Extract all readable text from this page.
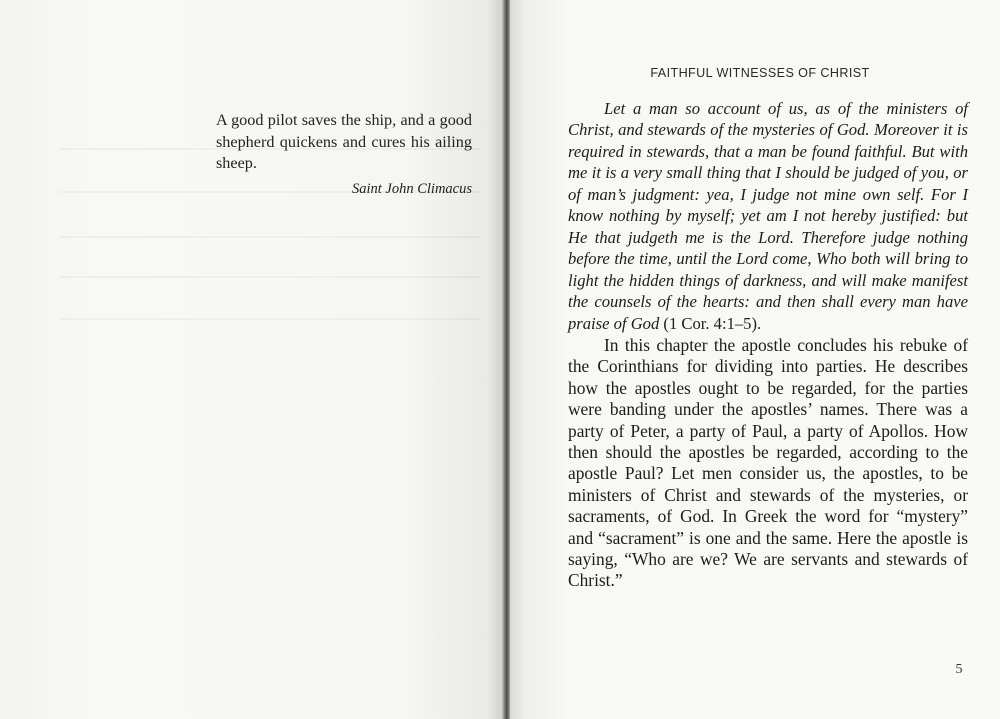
A good pilot saves the ship, and a good shepherd quickens and cures his ailing sheep.
Saint John Climacus
FAITHFUL WITNESSES OF CHRIST

Let a man so account of us, as of the ministers of Christ, and stewards of the mysteries of God. Moreover it is required in stewards, that a man be found faithful. But with me it is a very small thing that I should be judged of you, or of man’s judgment: yea, I judge not mine own self. For I know nothing by myself; yet am I not hereby justified: but He that judgeth me is the Lord. Therefore judge nothing before the time, until the Lord come, Who both will bring to light the hidden things of darkness, and will make manifest the counsels of the hearts: and then shall every man have praise of God (1 Cor. 4:1–5).

In this chapter the apostle concludes his rebuke of the Corinthians for dividing into parties. He describes how the apostles ought to be regarded, for the parties were banding under the apostles’ names. There was a party of Peter, a party of Paul, a party of Apollos. How then should the apostles be regarded, according to the apostle Paul? Let men consider us, the apostles, to be ministers of Christ and stewards of the mysteries, or sacraments, of God. In Greek the word for “mystery” and “sacrament” is one and the same. Here the apostle is saying, “Who are we? We are servants and stewards of Christ.”

5
